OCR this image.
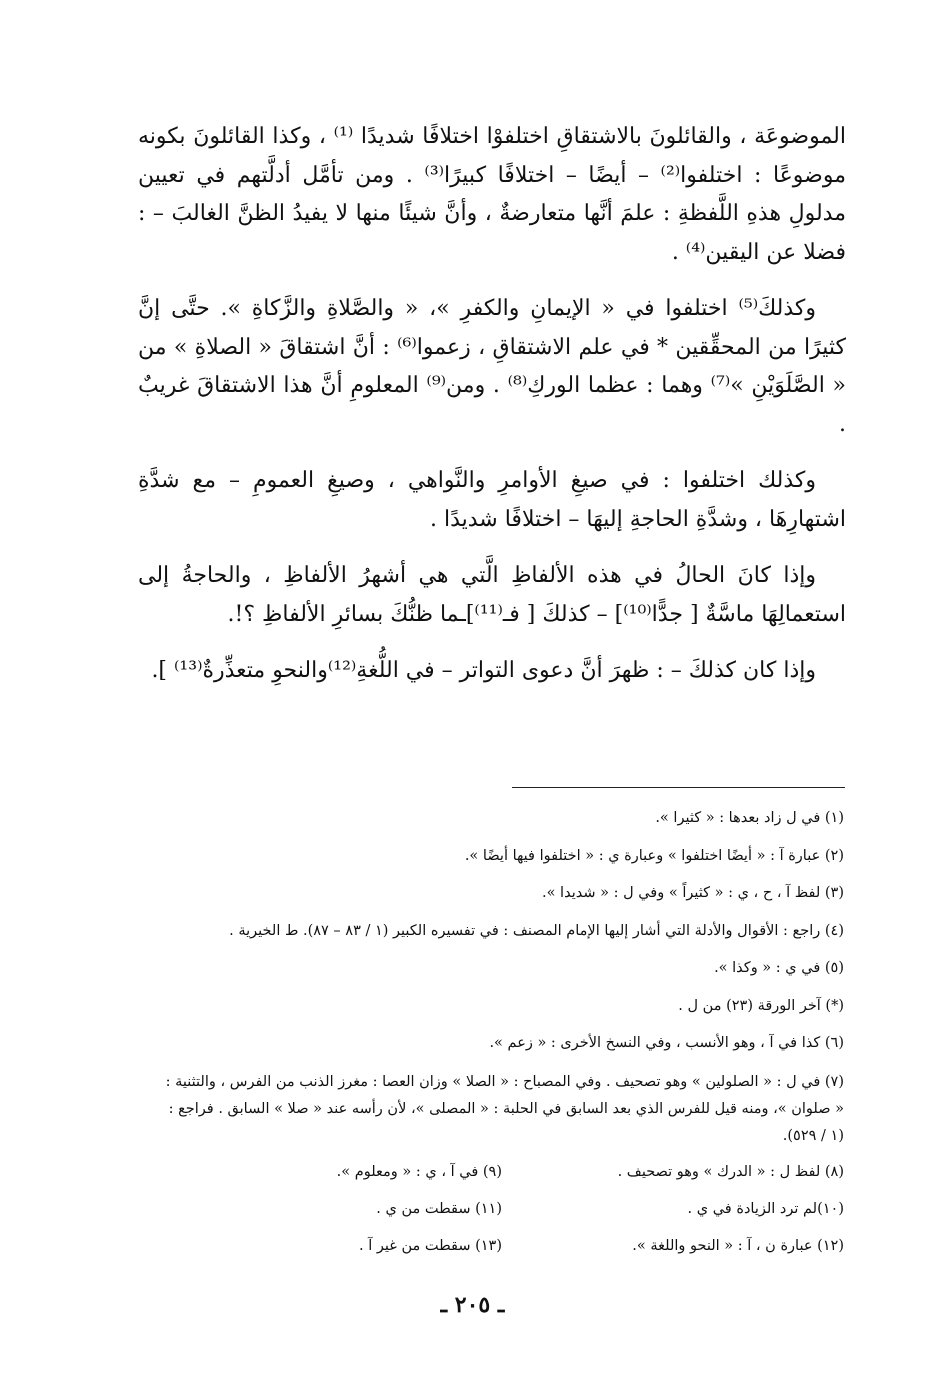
الموضوعَة ، والقائلونَ بالاشتقاقِ اختلفوْا اختلافًا شديدًا ⁽¹⁾ ، وكذا القائلونَ بكونه موضوعًا : اختلفوا⁽²⁾ – أيضًا – اختلافًا كبيرًا⁽³⁾ . ومن تأمَّل أدلَّتهم في تعيين مدلولِ هذهِ اللَّفظةِ : علمَ أنَّها متعارضةٌ ، وأنَّ شيئًا منها لا يفيدُ الظنَّ الغالبَ – : فضلا عن اليقين⁽⁴⁾ .

وكذلكَ⁽⁵⁾ اختلفوا في « الإيمانِ والكفرِ »، « والصَّلاةِ والزَّكاةِ ». حتَّى إنَّ كثيرًا من المحقِّقين * في علم الاشتقاقِ ، زعموا⁽⁶⁾ : أنَّ اشتقاقَ « الصلاةِ » من « الصَّلَوَيْنِ »⁽⁷⁾ وهما : عظما الوركِ⁽⁸⁾ . ومن⁽⁹⁾ المعلومِ أنَّ هذا الاشتقاقَ غريبٌ .

وكذلك اختلفوا : في صيغِ الأوامرِ والنَّواهي ، وصيغِ العمومِ – مع شدَّةِ اشتهارِهَا ، وشدَّةِ الحاجةِ إليهَا – اختلافًا شديدًا .

وإذا كانَ الحالُ في هذه الألفاظِ الَّتي هي أشهرُ الألفاظِ ، والحاجةُ إلى استعمالِهَا ماسَّةٌ [ جدًّا⁽¹⁰⁾] – كذلكَ [ فـ⁽¹¹⁾]ـما ظنُّكَ بسائرِ الألفاظِ ؟!.

وإذا كان كذلكَ – : ظهرَ أنَّ دعوى التواتر – في اللُّغةِ⁽¹²⁾والنحوِ متعذِّرةٌ⁽¹³⁾ ].

(١) في ل زاد بعدها : « كثيرا ».
(٢) عبارة آ : « أيضًا اختلفوا » وعبارة ي : « اختلفوا فيها أيضًا ».
(٣) لفظ آ ، ح ، ي : « كثيراً » وفي ل : « شديدا ».
(٤) راجع : الأقوال والأدلة التي أشار إليها الإمام المصنف : في تفسيره الكبير (١ / ٨٣ – ٨٧). ط الخيرية .
(٥) في ي : « وكذا ».
(*) آخر الورقة (٢٣) من ل .
(٦) كذا في آ ، وهو الأنسب ، وفي النسخ الأخرى : « زعم ».
(٧) في ل : « الصلولين » وهو تصحيف . وفي المصباح : « الصلا » وزان العصا : مغرز الذنب من الفرس ، والتثنية : « صلوان »، ومنه قيل للفرس الذي بعد السابق في الحلبة : « المصلى »، لأن رأسه عند « صلا » السابق . فراجع : (١ / ٥٢٩).
(٨) لفظ ل : « الدرك » وهو تصحيف .
(٩) في آ ، ي : « ومعلوم ».
(١٠)لم ترد الزيادة في ي .
(١١) سقطت من ي .
(١٢) عبارة ن ، آ : « النحو واللغة ».
(١٣) سقطت من غير آ .
ـ ٢٠٥ ـ
